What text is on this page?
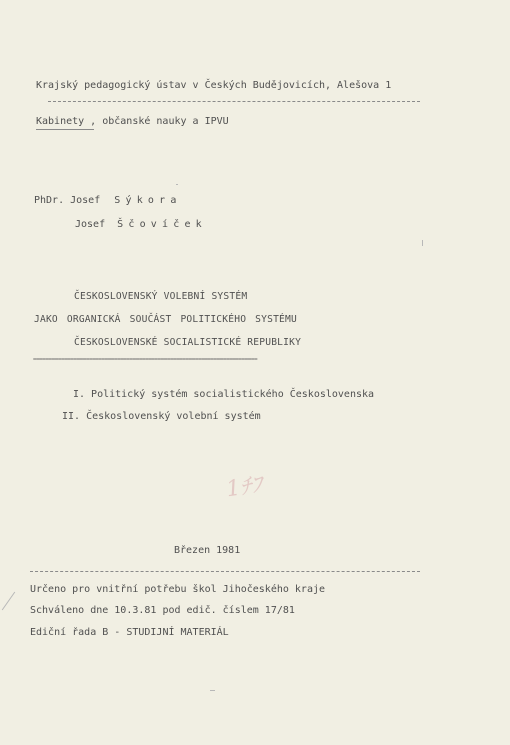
Krajský pedagogický ústav v Českých Budějovicích, Alešova 1
Kabinety , občanské nauky a IPVU
PhDr. Josef Sýkora
Josef Ščovíček
ČESKOSLOVENSKÝ VOLEBNÍ SYSTÉM
JAKO ORGANICKÁ SOUČÁST POLITICKÉHO SYSTÉMU
ČESKOSLOVENSKÉ SOCIALISTICKÉ REPUBLIKY
========================================================================
I. Politický systém socialistického Československa
II. Československý volební systém
1ﾁﾌ
Březen 1981
Určeno pro vnitřní potřebu škol Jihočeského kraje
Schváleno dne 10.3.81 pod edič. číslem 17/81
Ediční řada B - STUDIJNÍ MATERIÁL
